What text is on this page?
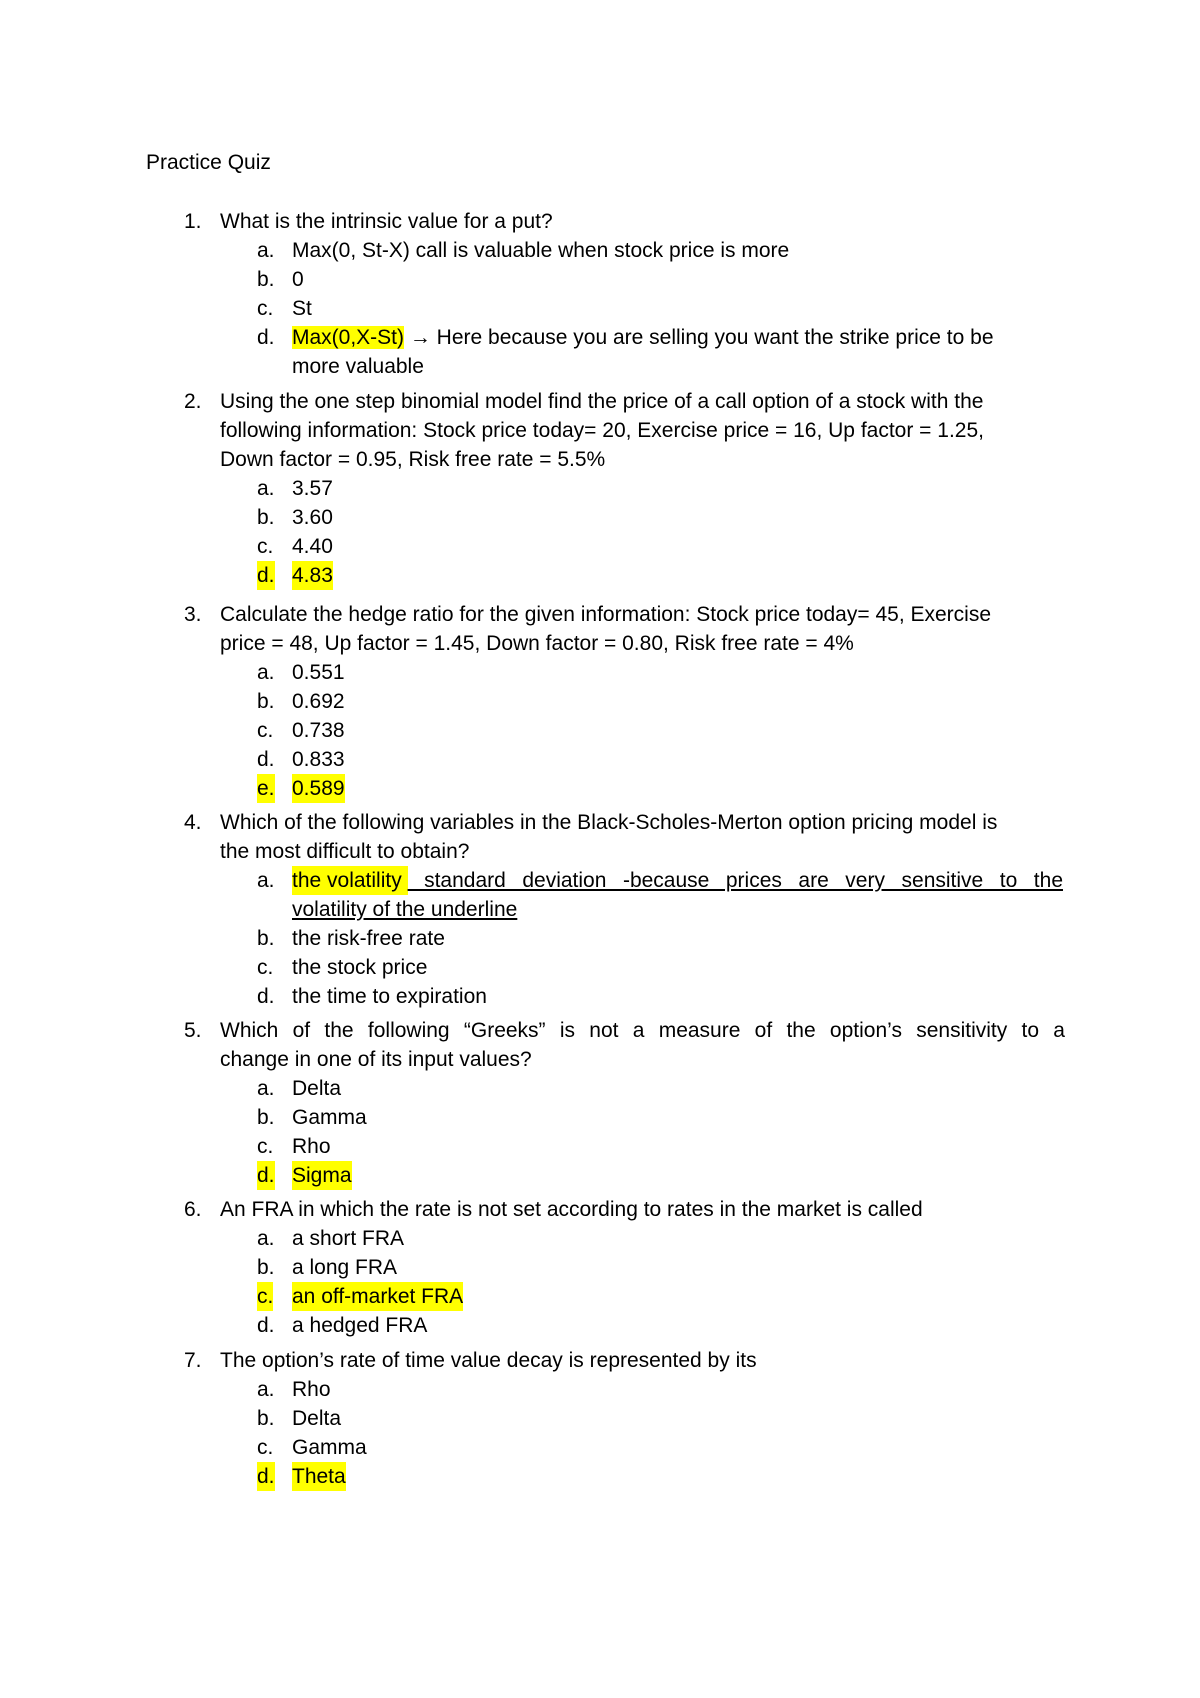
Practice Quiz
1. What is the intrinsic value for a put?
a. Max(0, St-X) call is valuable when stock price is more
b. 0
c. St
d. Max(0,X-St) → Here because you are selling you want the strike price to be
more valuable
2. Using the one step binomial model find the price of a call option of a stock with the
following information: Stock price today= 20, Exercise price = 16, Up factor = 1.25,
Down factor = 0.95, Risk free rate = 5.5%
a. 3.57
b. 3.60
c. 4.40
d. 4.83
3. Calculate the hedge ratio for the given information: Stock price today= 45, Exercise
price = 48, Up factor = 1.45, Down factor = 0.80, Risk free rate = 4%
a. 0.551
b. 0.692
c. 0.738
d. 0.833
e. 0.589
4. Which of the following variables in the Black-Scholes-Merton option pricing model is
the most difficult to obtain?
a. the volatility standard deviation -because prices are very sensitive to the
volatility of the underline
b. the risk-free rate
c. the stock price
d. the time to expiration
5. Which of the following “Greeks” is not a measure of the option’s sensitivity to a
change in one of its input values?
a. Delta
b. Gamma
c. Rho
d. Sigma
6. An FRA in which the rate is not set according to rates in the market is called
a. a short FRA
b. a long FRA
c. an off-market FRA
d. a hedged FRA
7. The option’s rate of time value decay is represented by its
a. Rho
b. Delta
c. Gamma
d. Theta
